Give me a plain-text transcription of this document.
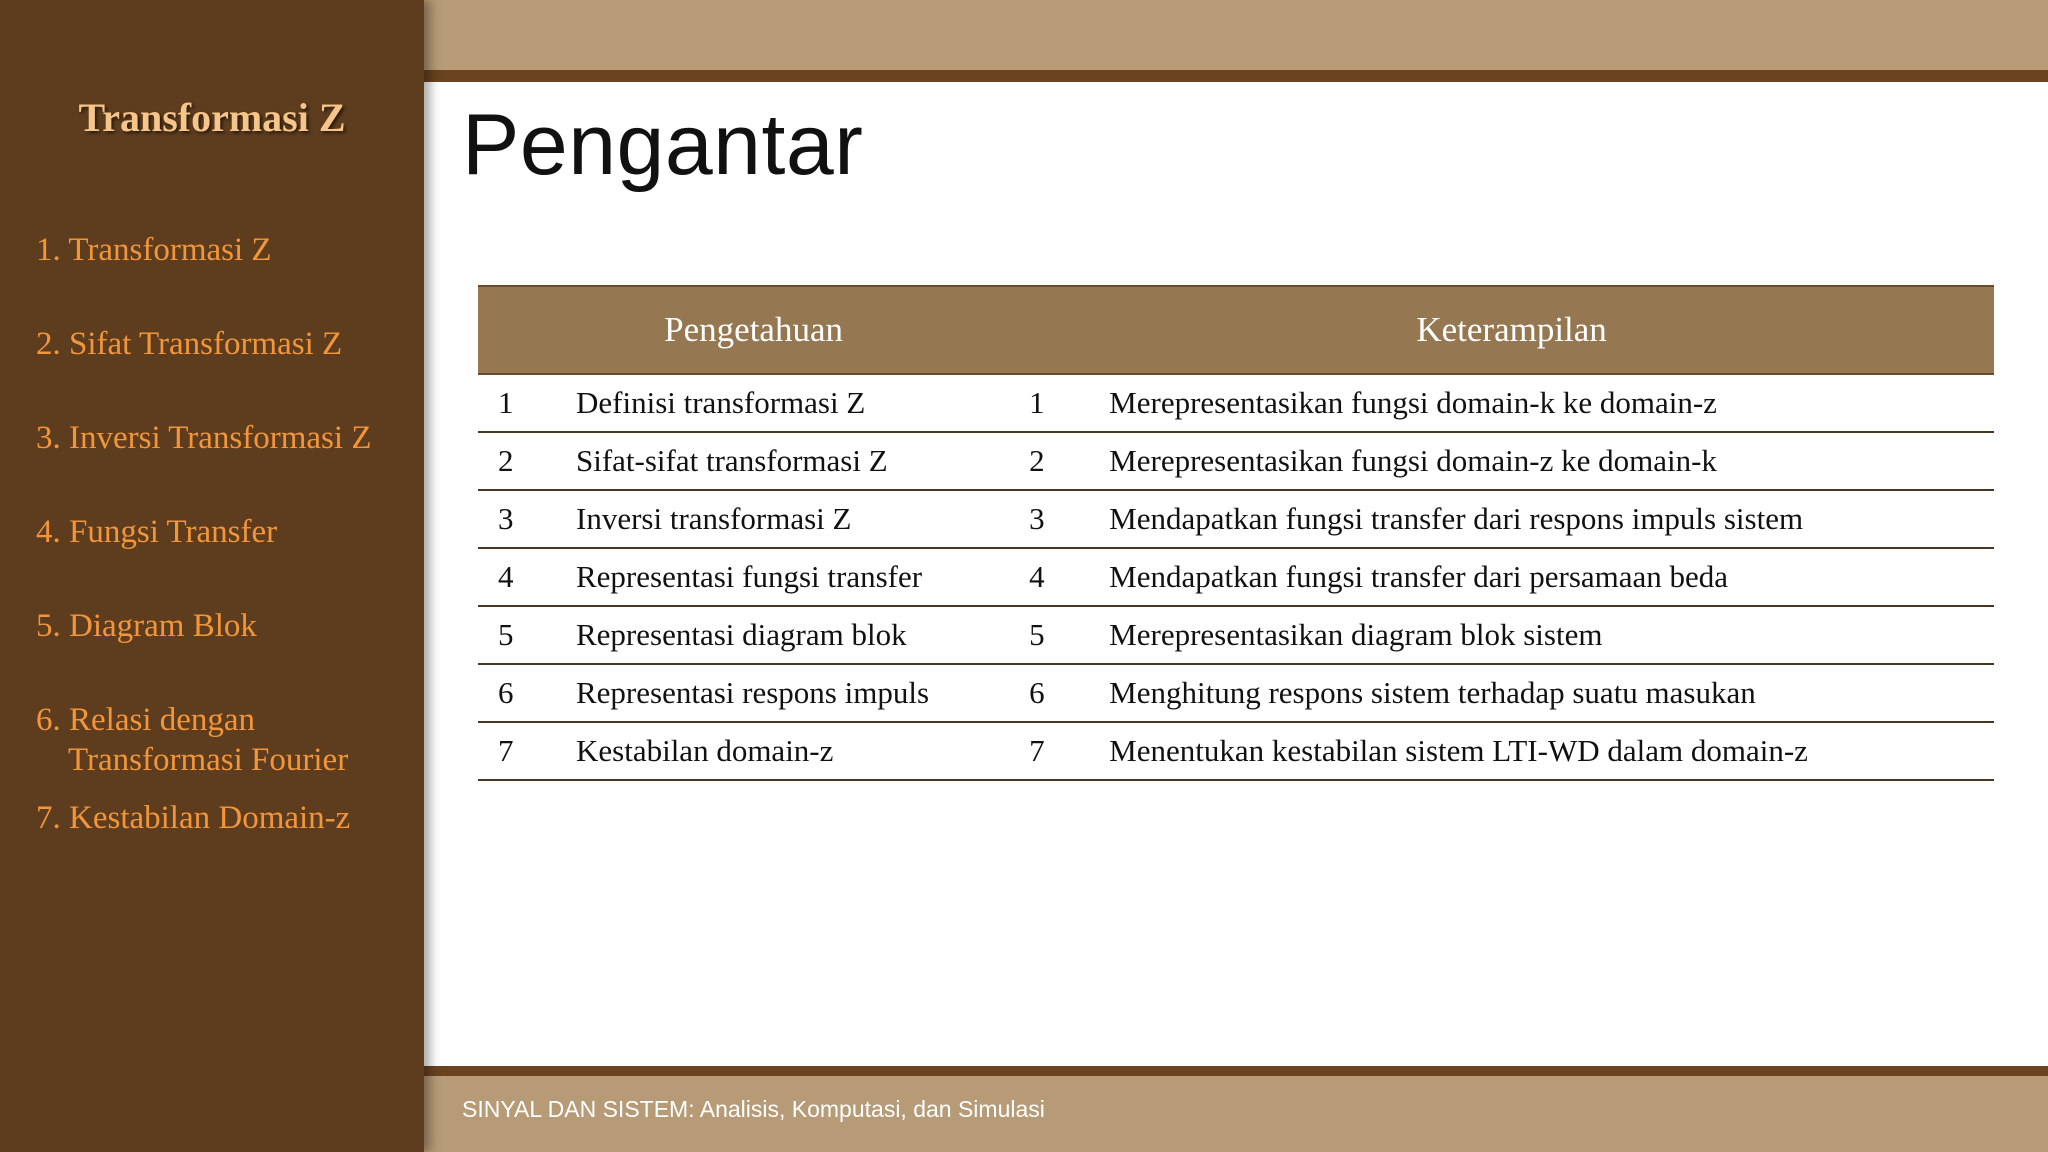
Transformasi Z
1. Transformasi Z
2. Sifat Transformasi Z
3. Inversi Transformasi Z
4. Fungsi Transfer
5. Diagram Blok
6. Relasi dengan
Transformasi Fourier
7. Kestabilan Domain-z
Pengantar
Pengetahuan		Keterampilan	
1	Definisi transformasi Z	1	Merepresentasikan fungsi domain-k ke domain-z
2	Sifat-sifat transformasi Z	2	Merepresentasikan fungsi domain-z ke domain-k
3	Inversi transformasi Z	3	Mendapatkan fungsi transfer dari respons impuls sistem
4	Representasi fungsi transfer	4	Mendapatkan fungsi transfer dari persamaan beda
5	Representasi diagram blok	5	Merepresentasikan diagram blok sistem
6	Representasi respons impuls	6	Menghitung respons sistem terhadap suatu masukan
7	Kestabilan domain-z	7	Menentukan kestabilan sistem LTI-WD dalam domain-z
SINYAL DAN SISTEM: Analisis, Komputasi, dan Simulasi
